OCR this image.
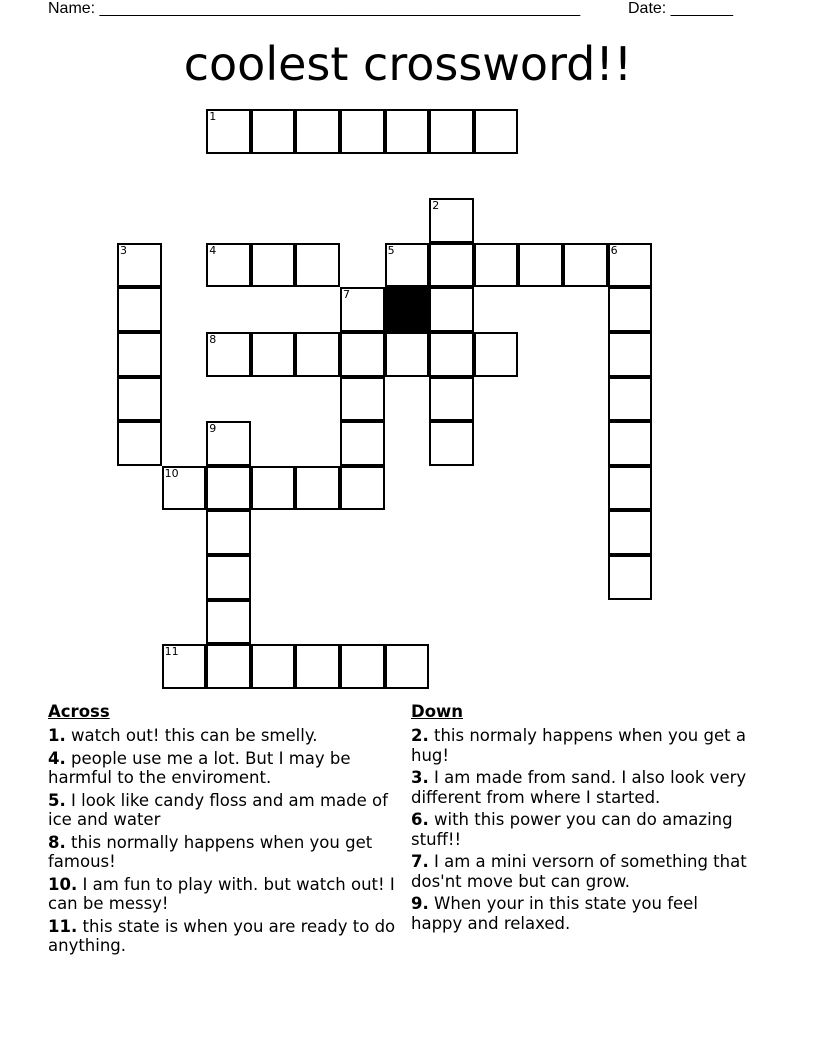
Name: ______________________________________________________	Date: _______
coolest crossword!!
1
2
3	4	5	6
7
8
9
10
11
Across
1. watch out! this can be smelly.
4. people use me a lot. But I may be harmful to the enviroment.
5. I look like candy floss and am made of ice and water
8. this normally happens when you get famous!
10. I am fun to play with. but watch out! I can be messy!
11. this state is when you are ready to do anything.
Down
2. this normaly happens when you get a hug!
3. I am made from sand. I also look very different from where I started.
6. with this power you can do amazing stuff!!
7. I am a mini versorn of something that dos'nt move but can grow.
9. When your in this state you feel happy and relaxed.
